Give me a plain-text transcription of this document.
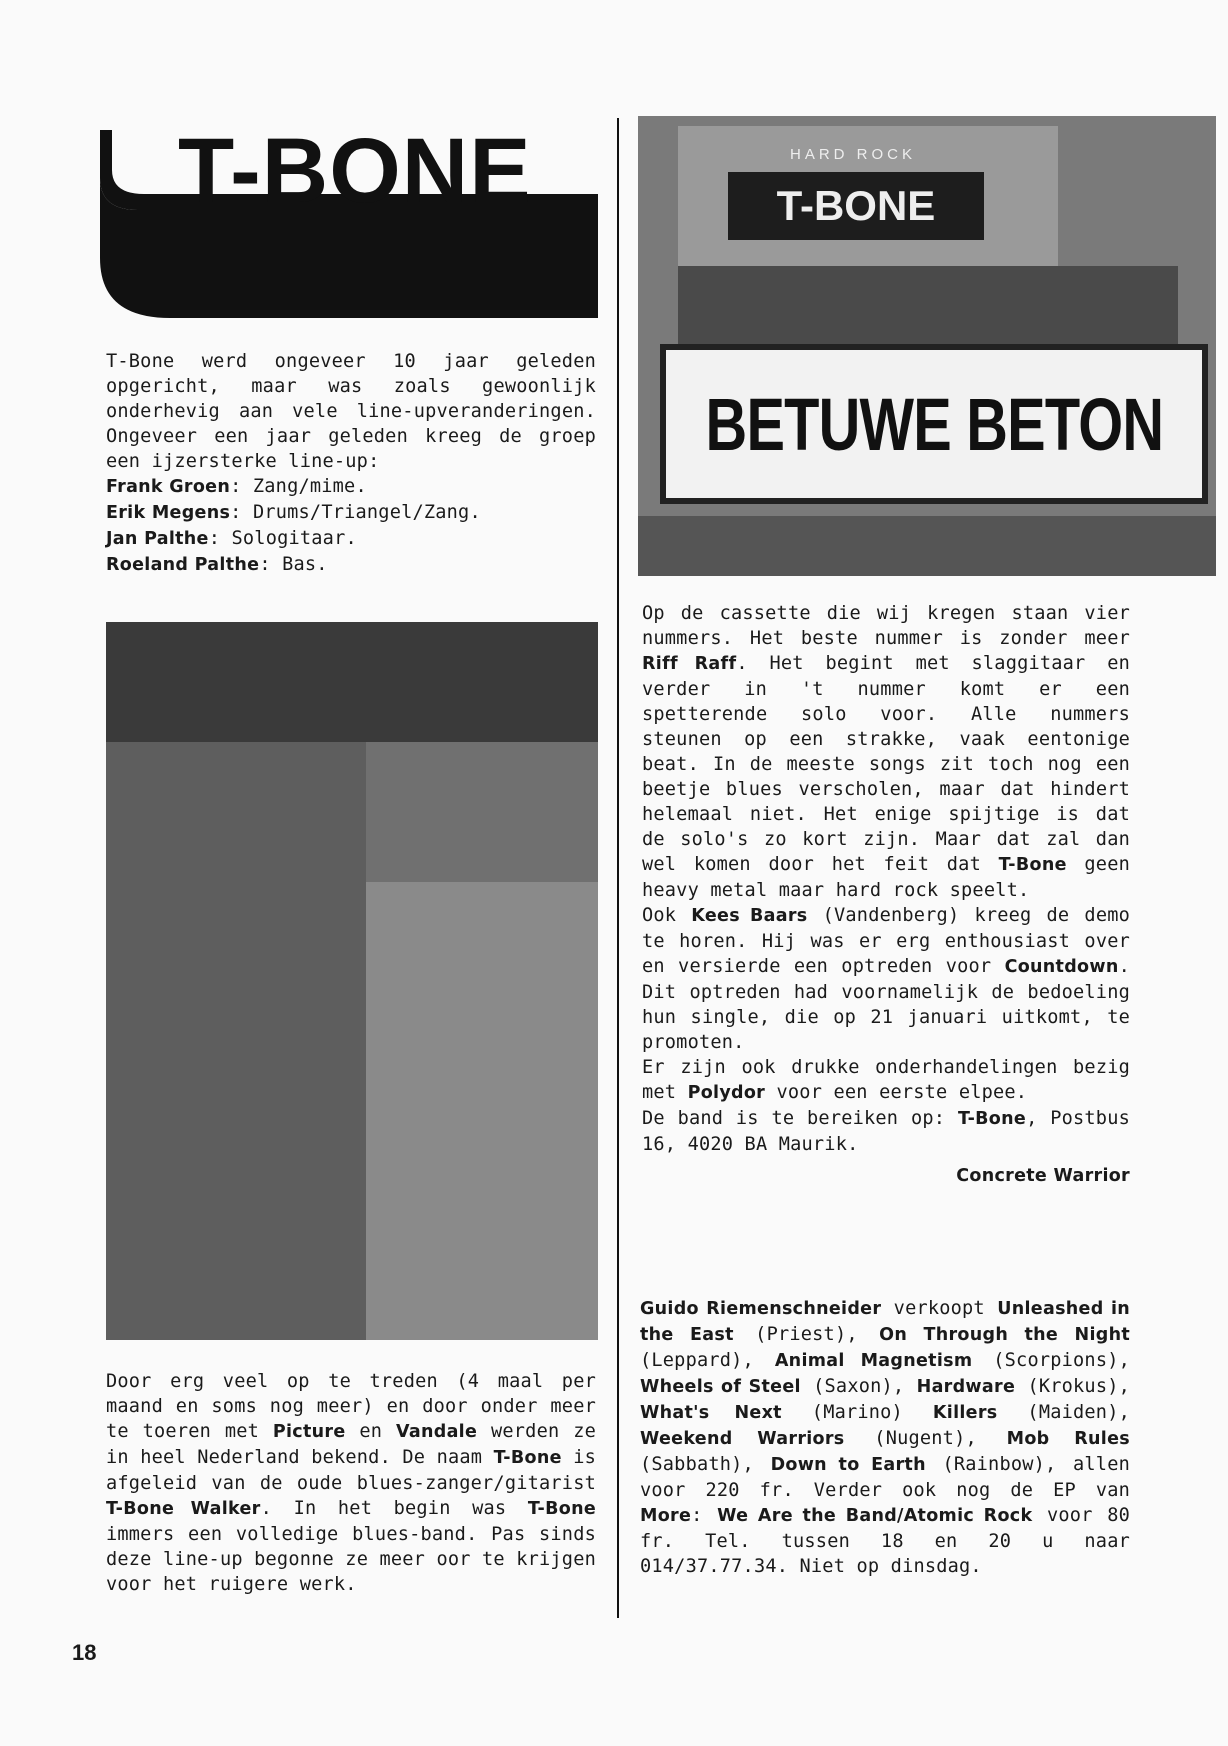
T-BONE	HARD ROCK
T-BONE
BETUWE BETON

T-Bone werd ongeveer 10 jaar geleden opgericht, maar was zoals gewoonlijk onderhevig aan vele line-upveranderingen. Ongeveer een jaar geleden kreeg de groep een ijzersterke line-up:

Frank Groen: Zang/mime.

Erik Megens: Drums/Triangel/Zang.

Jan Palthe: Sologitaar.

Roeland Palthe: Bas.

Door erg veel op te treden (4 maal per maand en soms nog meer) en door onder meer te toeren met Picture en Vandale werden ze in heel Nederland bekend. De naam T-Bone is afgeleid van de oude blues-zanger/gitarist T-Bone Walker. In het begin was T-Bone immers een volledige blues-band. Pas sinds deze line-up begonne ze meer oor te krijgen voor het ruigere werk.

Op de cassette die wij kregen staan vier nummers. Het beste nummer is zonder meer Riff Raff. Het begint met slaggitaar en verder in 't nummer komt er een spetterende solo voor. Alle nummers steunen op een strakke, vaak eentonige beat. In de meeste songs zit toch nog een beetje blues verscholen, maar dat hindert helemaal niet. Het enige spijtige is dat de solo's zo kort zijn. Maar dat zal dan wel komen door het feit dat T-Bone geen heavy metal maar hard rock speelt.

Ook Kees Baars (Vandenberg) kreeg de demo te horen. Hij was er erg enthousiast over en versierde een optreden voor Countdown. Dit optreden had voornamelijk de bedoeling hun single, die op 21 januari uitkomt, te promoten.

Er zijn ook drukke onderhandelingen bezig met Polydor voor een eerste elpee.

De band is te bereiken op: T-Bone, Postbus 16, 4020 BA Maurik.

Concrete Warrior

Guido Riemenschneider verkoopt Unleashed in the East (Priest), On Through the Night (Leppard), Animal Magnetism (Scorpions), Wheels of Steel (Saxon), Hardware (Krokus), What's Next (Marino) Killers (Maiden), Weekend Warriors (Nugent), Mob Rules (Sabbath), Down to Earth (Rainbow), allen voor 220 fr. Verder ook nog de EP van More: We Are the Band/Atomic Rock voor 80 fr. Tel. tussen 18 en 20 u naar 014/37.77.34. Niet op dinsdag.

18
